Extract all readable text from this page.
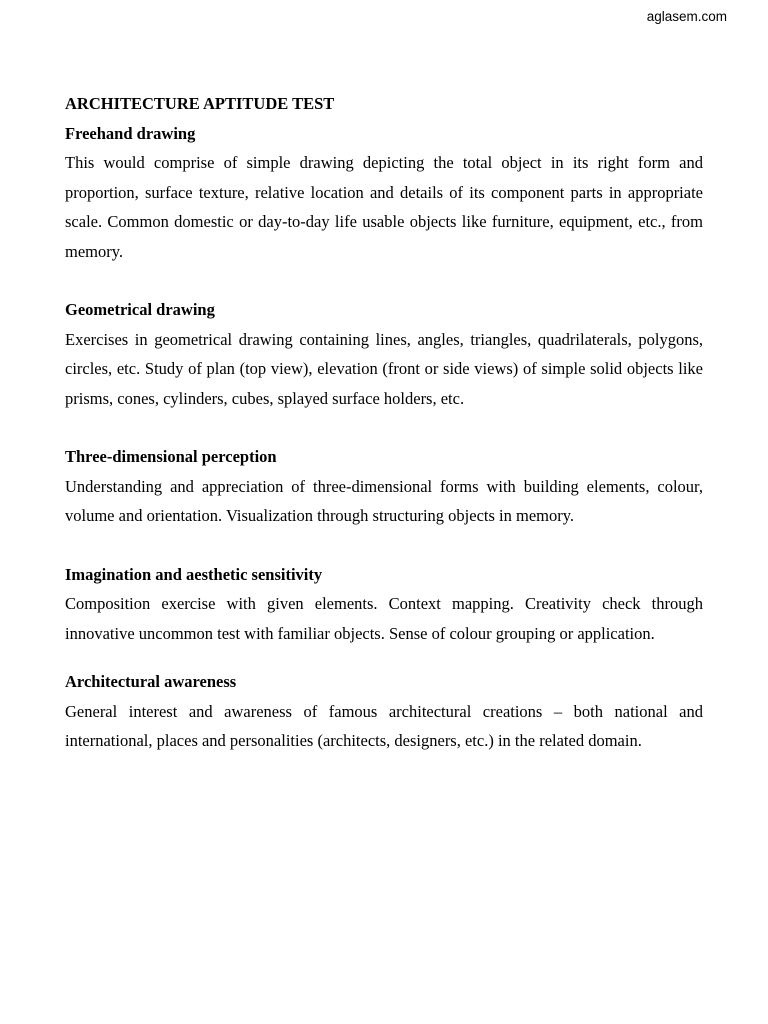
aglasem.com
ARCHITECTURE APTITUDE TEST
Freehand drawing
This would comprise of simple drawing depicting the total object in its right form and proportion, surface texture, relative location and details of its component parts in appropriate scale. Common domestic or day-to-day life usable objects like furniture, equipment, etc., from memory.
Geometrical drawing
Exercises in geometrical drawing containing lines, angles, triangles, quadrilaterals, polygons, circles, etc. Study of plan (top view), elevation (front or side views) of simple solid objects like prisms, cones, cylinders, cubes, splayed surface holders, etc.
Three-dimensional perception
Understanding and appreciation of three-dimensional forms with building elements, colour, volume and orientation. Visualization through structuring objects in memory.
Imagination and aesthetic sensitivity
Composition exercise with given elements. Context mapping. Creativity check through innovative uncommon test with familiar objects. Sense of colour grouping or application.
Architectural awareness
General interest and awareness of famous architectural creations – both national and international, places and personalities (architects, designers, etc.) in the related domain.
